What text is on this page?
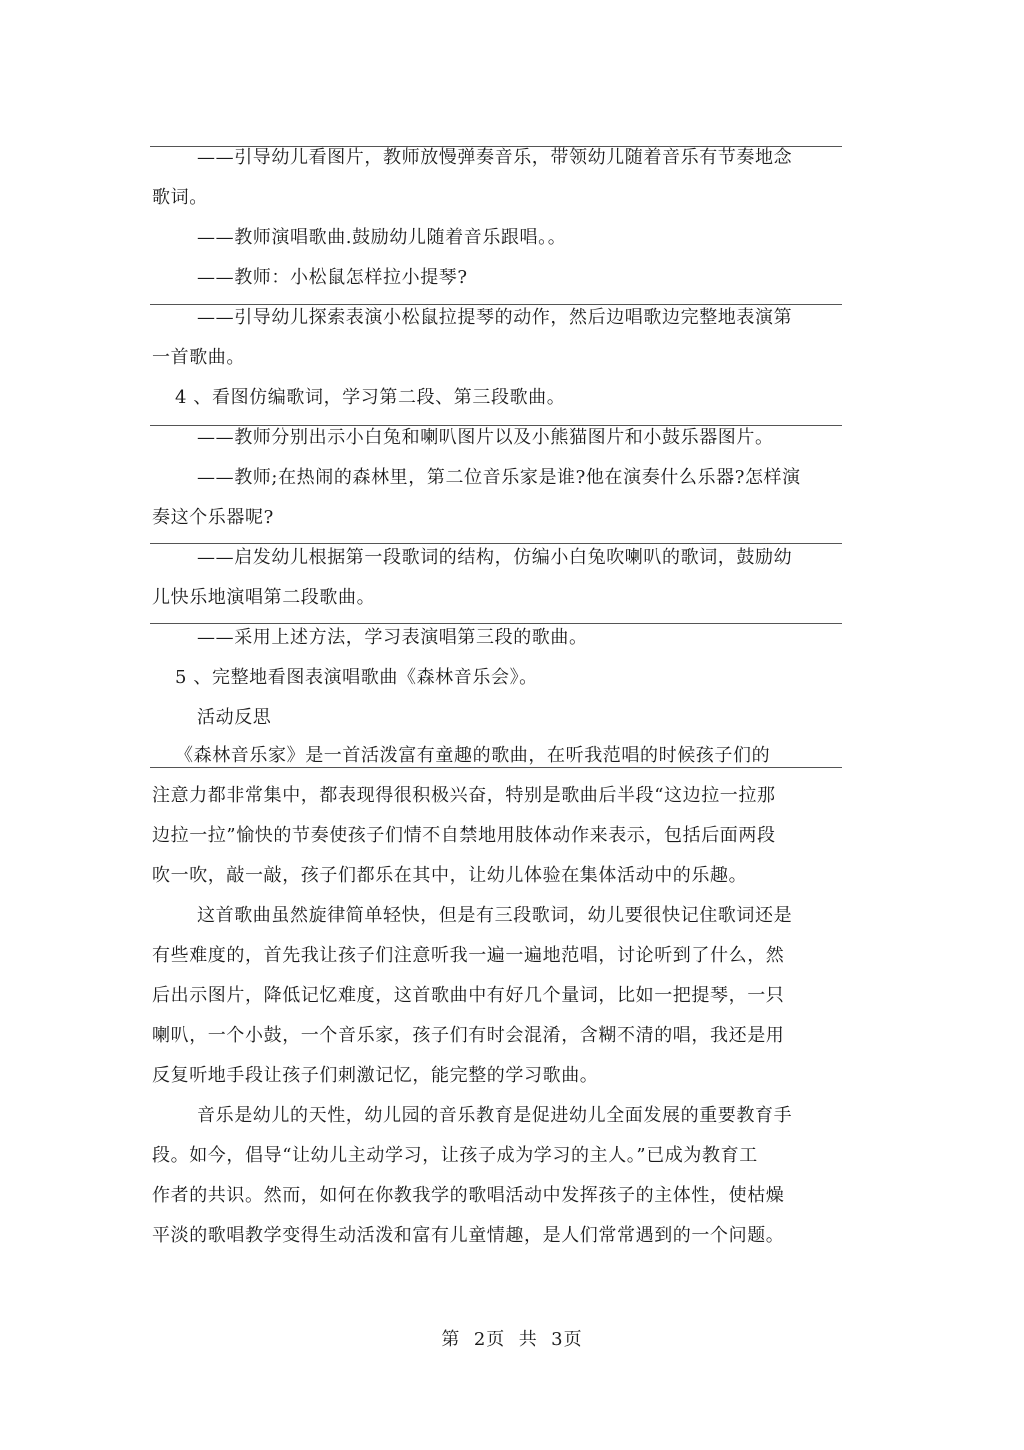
——引导幼儿看图片，教师放慢弹奏音乐，带领幼儿随着音乐有节奏地念
歌词。
——教师演唱歌曲.鼓励幼儿随着音乐跟唱。。
——教师：小松鼠怎样拉小提琴?
——引导幼儿探索表演小松鼠拉提琴的动作，然后边唱歌边完整地表演第
一首歌曲。
4 、看图仿编歌词，学习第二段、第三段歌曲。
——教师分别出示小白兔和喇叭图片以及小熊猫图片和小鼓乐器图片。
——教师;在热闹的森林里，第二位音乐家是谁?他在演奏什么乐器?怎样演
奏这个乐器呢?
——启发幼儿根据第一段歌词的结构，仿编小白兔吹喇叭的歌词，鼓励幼
儿快乐地演唱第二段歌曲。
——采用上述方法，学习表演唱第三段的歌曲。
5 、完整地看图表演唱歌曲《森林音乐会》。
活动反思
《森林音乐家》是一首活泼富有童趣的歌曲，在听我范唱的时候孩子们的
注意力都非常集中，都表现得很积极兴奋，特别是歌曲后半段“这边拉一拉那
边拉一拉”愉快的节奏使孩子们情不自禁地用肢体动作来表示，包括后面两段
吹一吹，敲一敲，孩子们都乐在其中，让幼儿体验在集体活动中的乐趣。
这首歌曲虽然旋律简单轻快，但是有三段歌词，幼儿要很快记住歌词还是
有些难度的，首先我让孩子们注意听我一遍一遍地范唱，讨论听到了什么，然
后出示图片，降低记忆难度，这首歌曲中有好几个量词，比如一把提琴，一只
喇叭，一个小鼓，一个音乐家，孩子们有时会混淆，含糊不清的唱，我还是用
反复听地手段让孩子们刺激记忆，能完整的学习歌曲。
音乐是幼儿的天性，幼儿园的音乐教育是促进幼儿全面发展的重要教育手
段。如今，倡导“让幼儿主动学习，让孩子成为学习的主人。”已成为教育工
作者的共识。然而，如何在你教我学的歌唱活动中发挥孩子的主体性，使枯燥
平淡的歌唱教学变得生动活泼和富有儿童情趣，是人们常常遇到的一个问题。
第  2页  共  3页
